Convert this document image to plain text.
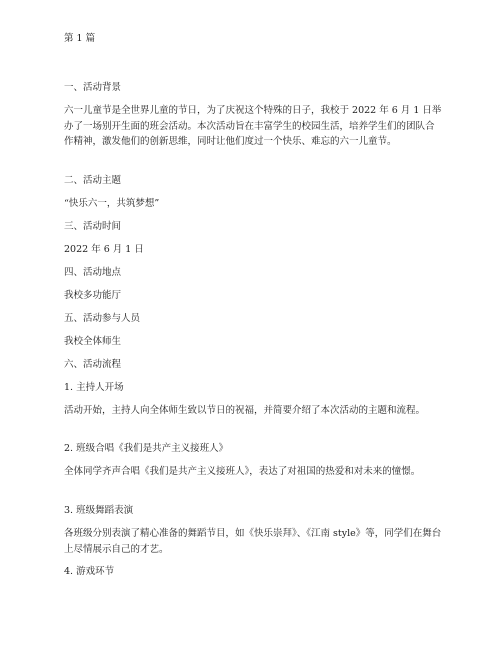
第 1 篇
一、活动背景
六一儿童节是全世界儿童的节日，为了庆祝这个特殊的日子，我校于 2022 年 6 月 1 日举办了一场别开生面的班会活动。本次活动旨在丰富学生的校园生活，培养学生们的团队合作精神，激发他们的创新思维，同时让他们度过一个快乐、难忘的六一儿童节。
二、活动主题
“快乐六一，共筑梦想”
三、活动时间
2022 年 6 月 1 日
四、活动地点
我校多功能厅
五、活动参与人员
我校全体师生
六、活动流程
1. 主持人开场
活动开始，主持人向全体师生致以节日的祝福，并简要介绍了本次活动的主题和流程。
2. 班级合唱《我们是共产主义接班人》
全体同学齐声合唱《我们是共产主义接班人》，表达了对祖国的热爱和对未来的憧憬。
3. 班级舞蹈表演
各班级分别表演了精心准备的舞蹈节目，如《快乐崇拜》、《江南 style》等，同学们在舞台上尽情展示自己的才艺。
4. 游戏环节
